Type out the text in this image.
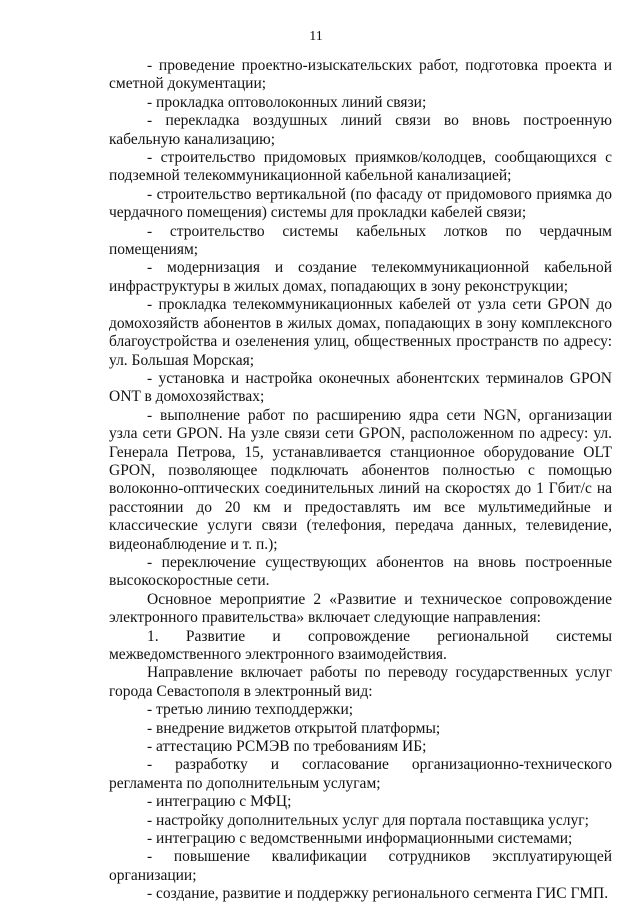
11

- проведение проектно-изыскательских работ, подготовка проекта и сметной документации;

- прокладка оптоволоконных линий связи;

- перекладка воздушных линий связи во вновь построенную кабельную канализацию;

- строительство придомовых приямков/колодцев, сообщающихся с подземной телекоммуникационной кабельной канализацией;

- строительство вертикальной (по фасаду от придомового приямка до чердачного помещения) системы для прокладки кабелей связи;

- строительство системы кабельных лотков по чердачным помещениям;

- модернизация и создание телекоммуникационной кабельной инфраструктуры в жилых домах, попадающих в зону реконструкции;

- прокладка телекоммуникационных кабелей от узла сети GPON до домохозяйств абонентов в жилых домах, попадающих в зону комплексного благоустройства и озеленения улиц, общественных пространств по адресу: ул. Большая Морская;

- установка и настройка оконечных абонентских терминалов GPON ONT в домохозяйствах;

- выполнение работ по расширению ядра сети NGN, организации узла сети GPON. На узле связи сети GPON, расположенном по адресу: ул. Генерала Петрова, 15, устанавливается станционное оборудование OLT GPON, позволяющее подключать абонентов полностью с помощью волоконно-оптических соединительных линий на скоростях до 1 Гбит/с на расстоянии до 20 км и предоставлять им все мультимедийные и классические услуги связи (телефония, передача данных, телевидение, видеонаблюдение и т. п.);

- переключение существующих абонентов на вновь построенные высокоскоростные сети.

Основное мероприятие 2 «Развитие и техническое сопровождение электронного правительства» включает следующие направления:

1. Развитие и сопровождение региональной системы межведомственного электронного взаимодействия.

Направление включает работы по переводу государственных услуг города Севастополя в электронный вид:

- третью линию техподдержки;

- внедрение виджетов открытой платформы;

- аттестацию РСМЭВ по требованиям ИБ;

- разработку и согласование организационно-технического регламента по дополнительным услугам;

- интеграцию с МФЦ;

- настройку дополнительных услуг для портала поставщика услуг;

- интеграцию с ведомственными информационными системами;

- повышение квалификации сотрудников эксплуатирующей организации;

- создание, развитие и поддержку регионального сегмента ГИС ГМП.
